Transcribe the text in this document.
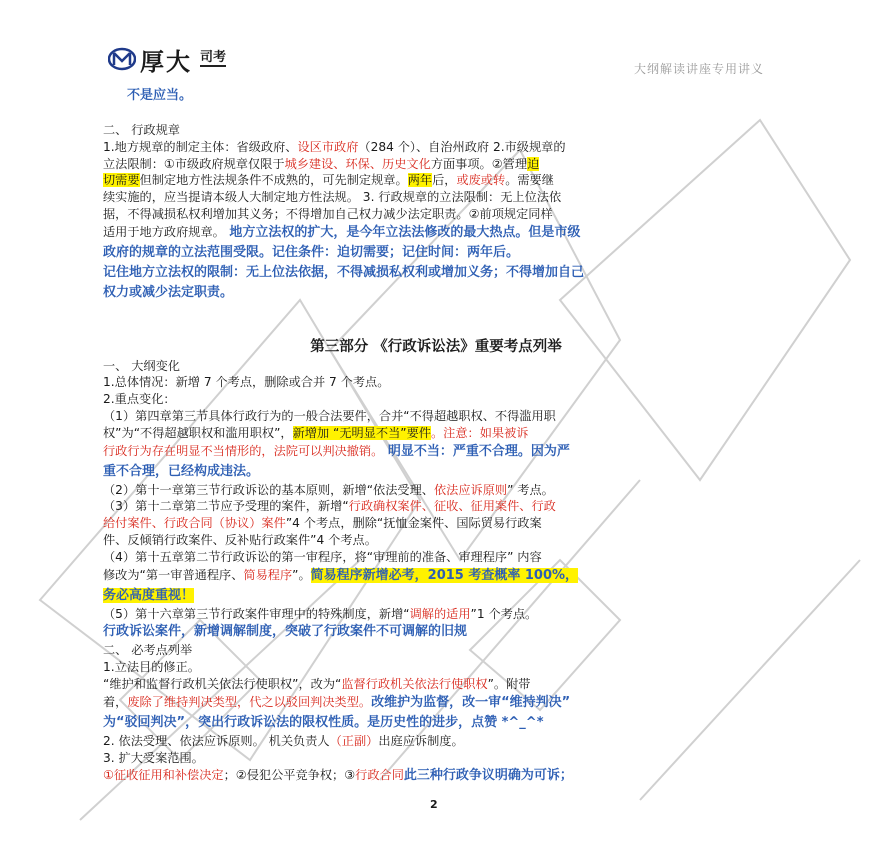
厚大 司考
大纲解读讲座专用讲义

不是应当。

二、 行政规章

1.地方规章的制定主体：省级政府、设区市政府（284 个）、自治州政府 2.市级规章的

立法限制：①市级政府规章仅限于城乡建设、环保、历史文化方面事项。②管理迫

切需要但制定地方性法规条件不成熟的，可先制定规章。两年后，或废或转。需要继

续实施的，应当提请本级人大制定地方性法规。 3. 行政规章的立法限制：无上位法依

据，不得减损私权利增加其义务；不得增加自己权力减少法定职责。②前项规定同样

适用于地方政府规章。 地方立法权的扩大，是今年立法法修改的最大热点。但是市级

政府的规章的立法范围受限。记住条件：迫切需要；记住时间：两年后。

记住地方立法权的限制：无上位法依据，不得减损私权利或增加义务；不得增加自己

权力或减少法定职责。

第三部分 《行政诉讼法》重要考点列举

一、 大纲变化

1.总体情况：新增 7 个考点，删除或合并 7 个考点。

2.重点变化：

（1）第四章第三节具体行政行为的一般合法要件，合并“不得超越职权、不得滥用职

权”为“不得超越职权和滥用职权”，新增加 “无明显不当”要件。注意：如果被诉

行政行为存在明显不当情形的，法院可以判决撤销。 明显不当：严重不合理。因为严

重不合理，已经构成违法。

（2）第十一章第三节行政诉讼的基本原则，新增“依法受理、依法应诉原则” 考点。

（3）第十二章第二节应予受理的案件，新增“行政确权案件、征收、征用案件、行政

给付案件、行政合同（协议）案件”4 个考点，删除“抚恤金案件、国际贸易行政案

件、反倾销行政案件、反补贴行政案件”4 个考点。

（4）第十五章第二节行政诉讼的第一审程序，将“审理前的准备、审理程序” 内容

修改为“第一审普通程序、简易程序”。简易程序新增必考，2015 考查概率 100%，

务必高度重视！

（5）第十六章第三节行政案件审理中的特殊制度，新增“调解的适用”1 个考点。

行政诉讼案件，新增调解制度，突破了行政案件不可调解的旧规

二、 必考点列举

1.立法目的修正。

“维护和监督行政机关依法行使职权”，改为“监督行政机关依法行使职权”。附带

着，废除了维持判决类型，代之以驳回判决类型。改维护为监督，改一审“维持判决”

为“驳回判决”，突出行政诉讼法的限权性质。是历史性的进步，点赞 *^_^*

2. 依法受理、依法应诉原则。 机关负责人（正副）出庭应诉制度。

3. 扩大受案范围。

①征收征用和补偿决定；②侵犯公平竞争权；③行政合同此三种行政争议明确为可诉；

2
